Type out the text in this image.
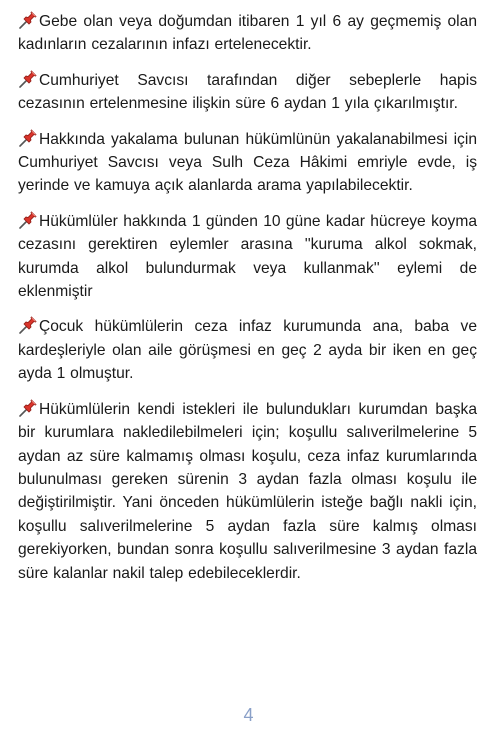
Gebe olan veya doğumdan itibaren 1 yıl 6 ay geçmemiş olan kadınların cezalarının infazı ertelenecektir.

Cumhuriyet Savcısı tarafından diğer sebeplerle hapis cezasının ertelenmesine ilişkin süre 6 aydan 1 yıla çıkarılmıştır.

Hakkında yakalama bulunan hükümlünün yakalanabilmesi için Cumhuriyet Savcısı veya Sulh Ceza Hâkimi emriyle evde, iş yerinde ve kamuya açık alanlarda arama yapılabilecektir.

Hükümlüler hakkında 1 günden 10 güne kadar hücreye koyma cezasını gerektiren eylemler arasına ''kuruma alkol sokmak, kurumda alkol bulundurmak veya kullanmak'' eylemi de eklenmiştir

Çocuk hükümlülerin ceza infaz kurumunda ana, baba ve kardeşleriyle olan aile görüşmesi en geç 2 ayda bir iken en geç ayda 1 olmuştur.

Hükümlülerin kendi istekleri ile bulundukları kurumdan başka bir kurumlara nakledilebilmeleri için; koşullu salıverilmelerine 5 aydan az süre kalmamış olması koşulu, ceza infaz kurumlarında bulunulması gereken sürenin 3 aydan fazla olması koşulu ile değiştirilmiştir. Yani önceden hükümlülerin isteğe bağlı nakli için, koşullu salıverilmelerine 5 aydan fazla süre kalmış olması gerekiyorken, bundan sonra koşullu salıverilmesine 3 aydan fazla süre kalanlar nakil talep edebileceklerdir.

4
